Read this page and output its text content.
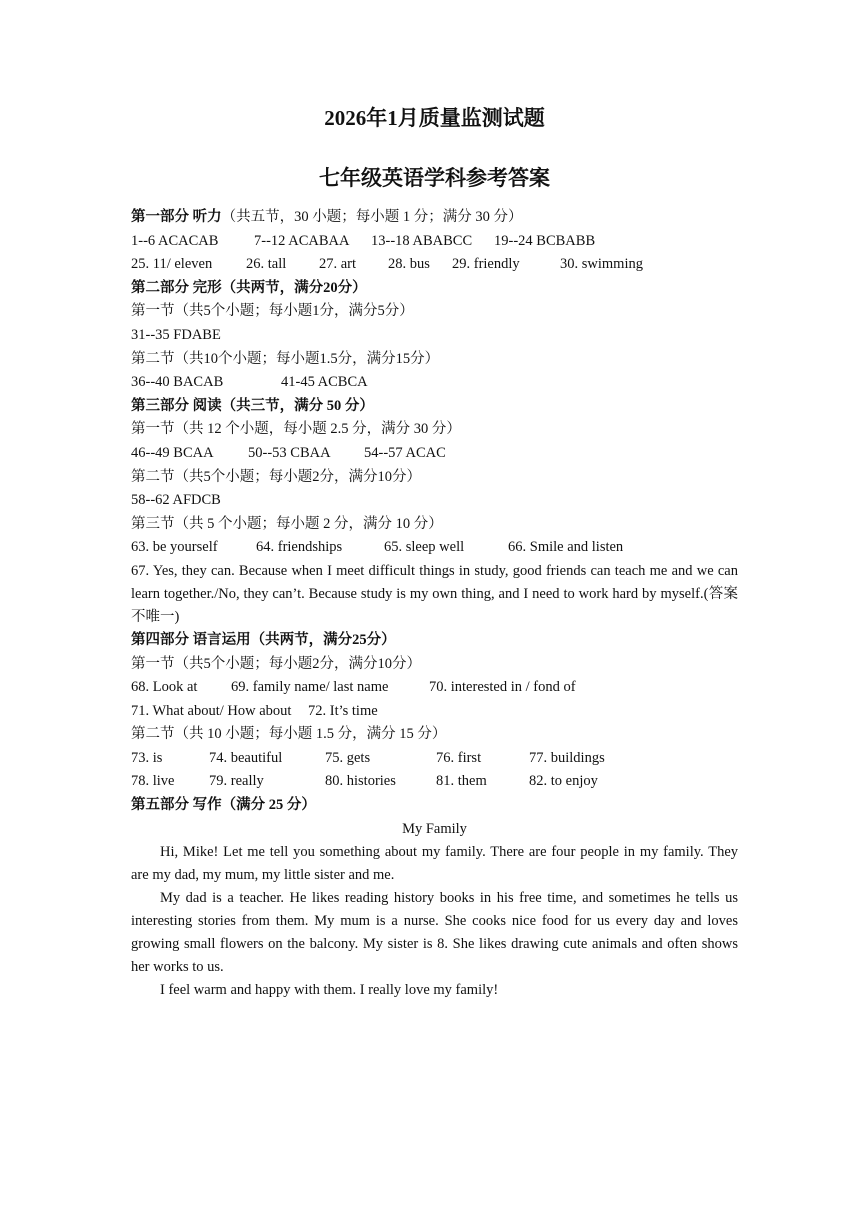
2026年1月质量监测试题
七年级英语学科参考答案
第一部分 听力（共五节，30 小题；每小题 1 分；满分 30 分）
1--6 ACACAB	7--12 ACABAA	13--18 ABABCC	19--24 BCBABB
25. 11/ eleven	26. tall	27. art	28. bus	29. friendly	30. swimming
第二部分 完形（共两节，满分20分）
第一节（共5个小题；每小题1分，满分5分）
31--35 FDABE
第二节（共10个小题；每小题1.5分，满分15分）
36--40 BACAB	41-45 ACBCA
第三部分 阅读（共三节，满分 50 分）
第一节（共 12 个小题，每小题 2.5 分，满分 30 分）
46--49 BCAA	50--53 CBAA	54--57 ACAC
第二节（共5个小题；每小题2分，满分10分）
58--62 AFDCB
第三节（共 5 个小题；每小题 2 分，满分 10 分）
63. be yourself	64. friendships	65. sleep well	66. Smile and listen
67. Yes, they can. Because when I meet difficult things in study, good friends can teach me and we can learn together./No, they can’t. Because study is my own thing, and I need to work hard by myself.(答案不唯一)
第四部分 语言运用（共两节，满分25分）
第一节（共5个小题；每小题2分，满分10分）
68. Look at	69. family name/ last name	70. interested in / fond of
71. What about/ How about	72. It’s time
第二节（共 10 小题；每小题 1.5 分，满分 15 分）
73. is	74. beautiful	75. gets	76. first	77. buildings
78. live	79. really	80. histories	81. them	82. to enjoy
第五部分 写作（满分 25 分）
My Family
Hi, Mike! Let me tell you something about my family. There are four people in my family. They are my dad, my mum, my little sister and me.
My dad is a teacher. He likes reading history books in his free time, and sometimes he tells us interesting stories from them. My mum is a nurse. She cooks nice food for us every day and loves growing small flowers on the balcony. My sister is 8. She likes drawing cute animals and often shows her works to us.
I feel warm and happy with them. I really love my family!
